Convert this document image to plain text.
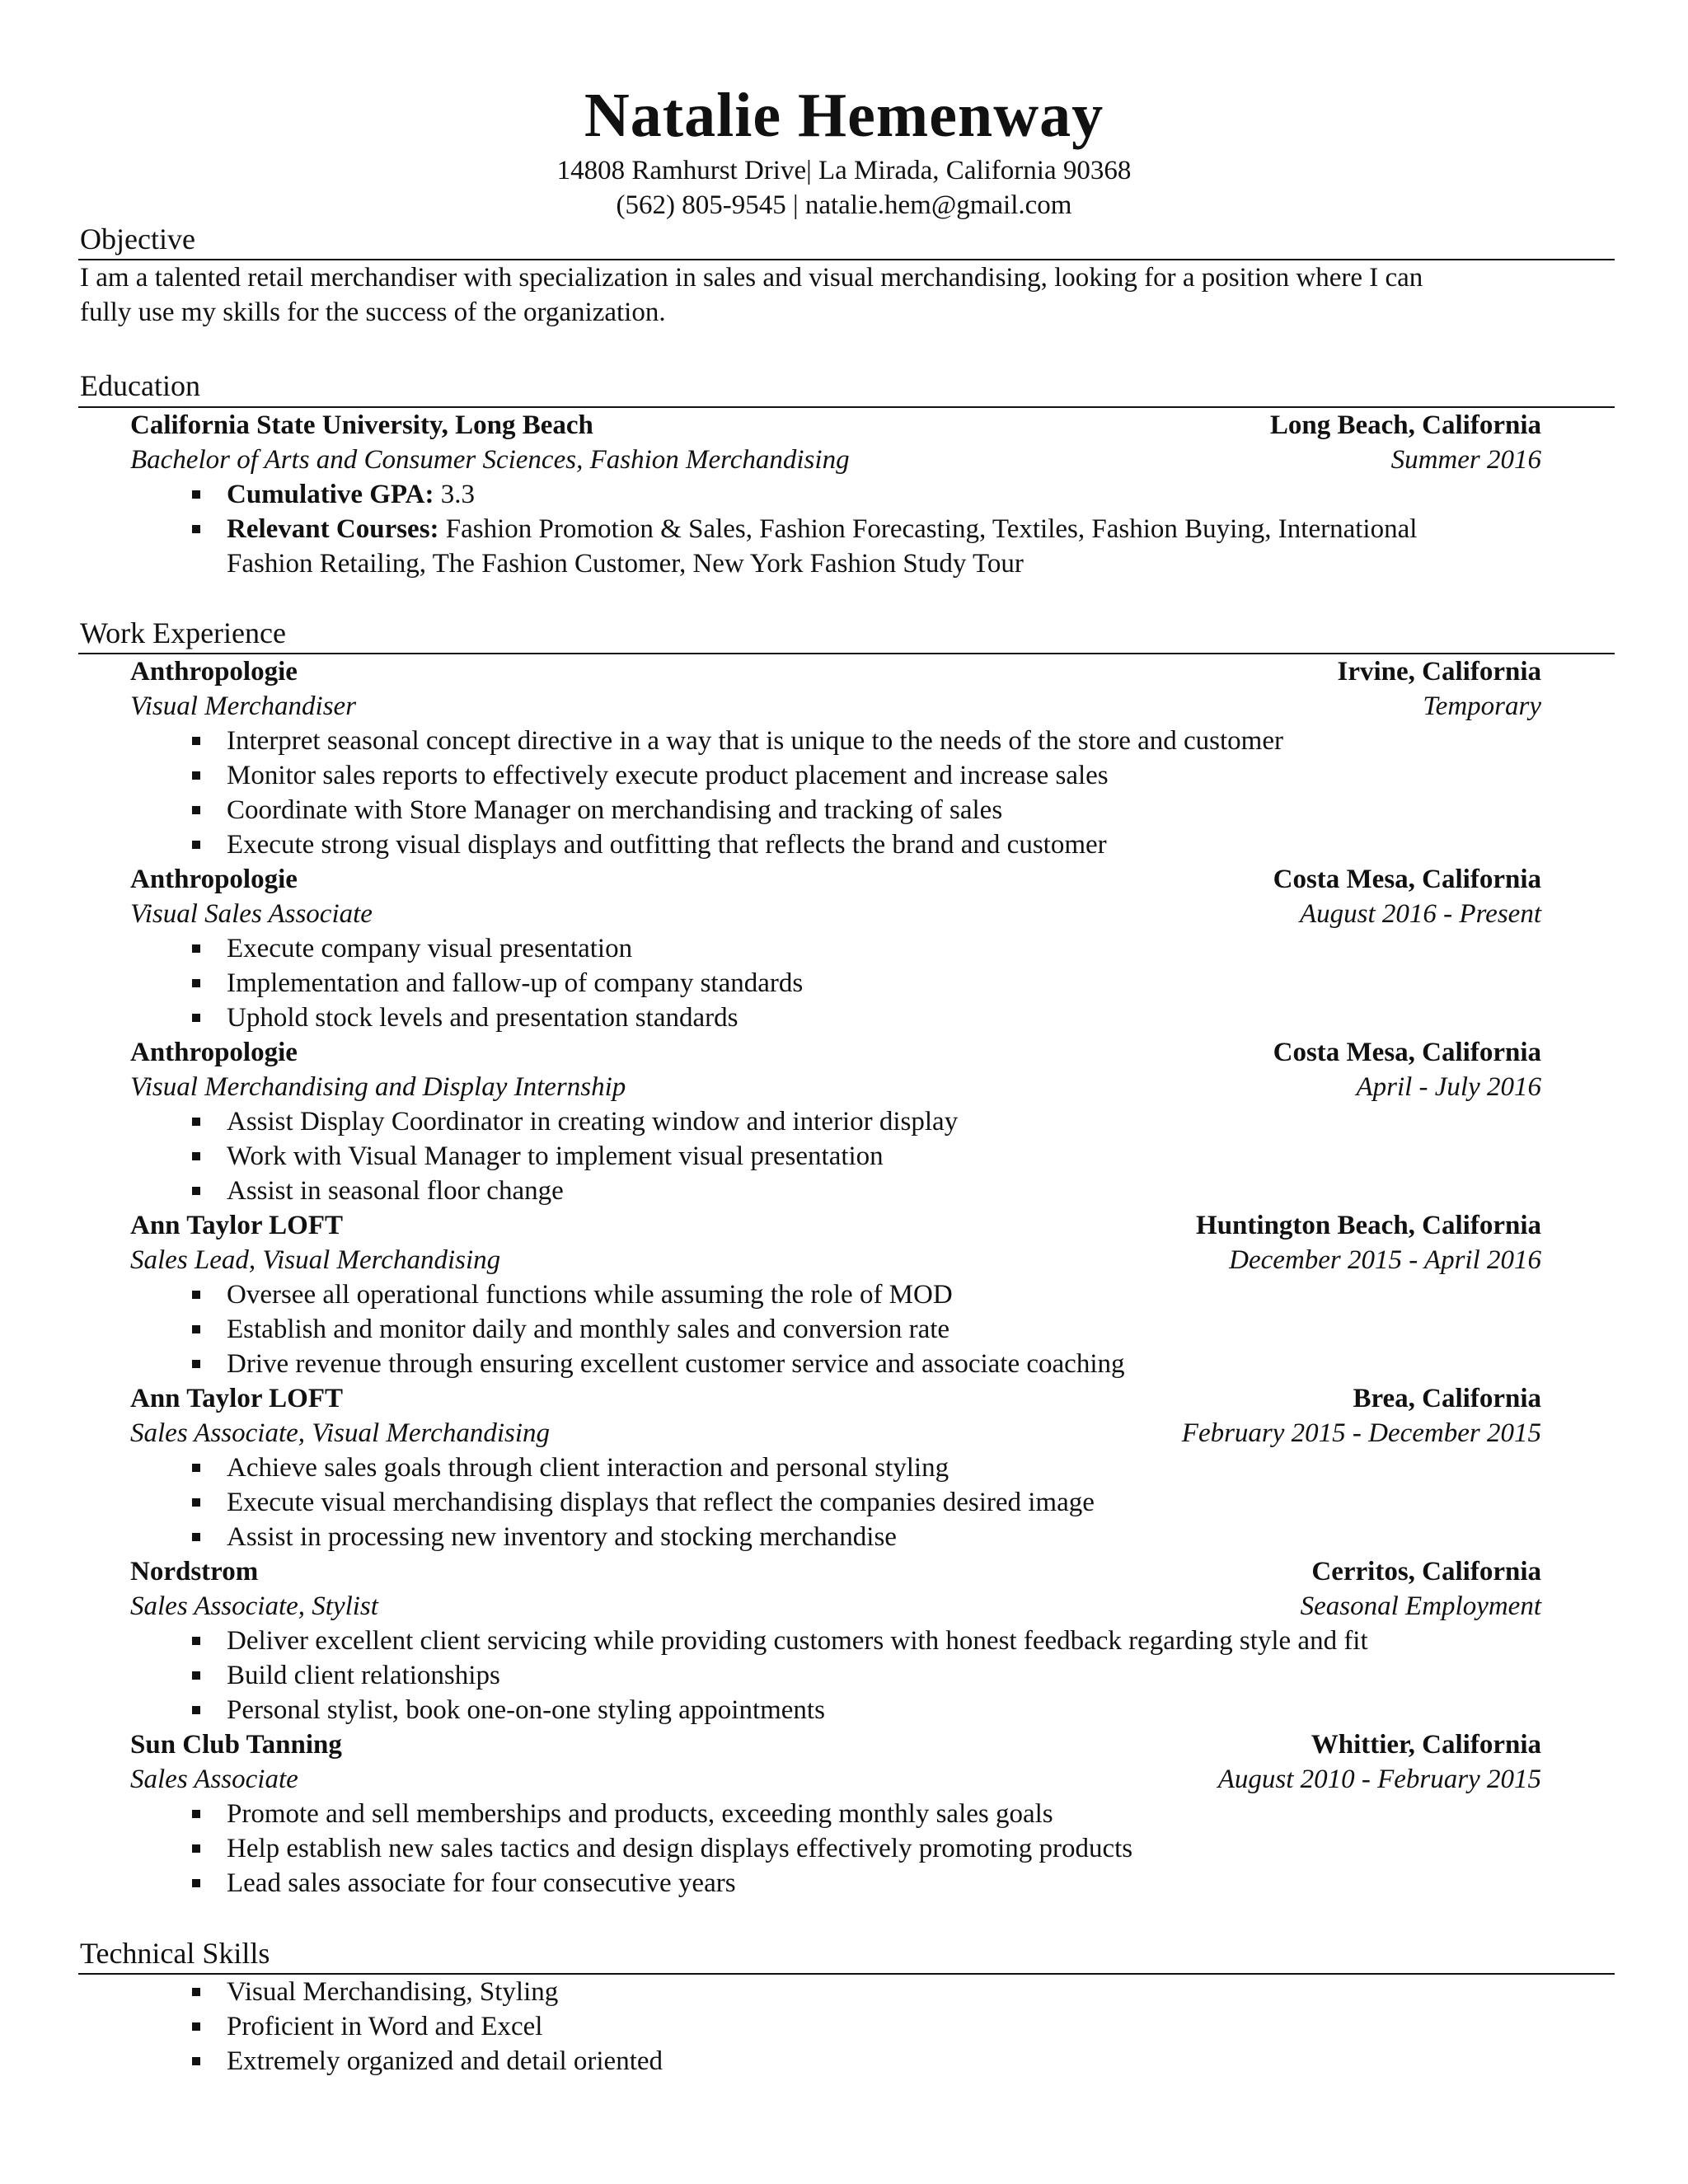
Natalie Hemenway
14808 Ramhurst Drive| La Mirada, California 90368
(562) 805-9545 | natalie.hem@gmail.com
Objective
I am a talented retail merchandiser with specialization in sales and visual merchandising, looking for a position where I can
fully use my skills for the success of the organization.
Education
California State University, Long Beach	Long Beach, California
Bachelor of Arts and Consumer Sciences, Fashion Merchandising	Summer 2016
Cumulative GPA: 3.3
Relevant Courses: Fashion Promotion & Sales, Fashion Forecasting, Textiles, Fashion Buying, International
Fashion Retailing, The Fashion Customer, New York Fashion Study Tour
Work Experience
Anthropologie	Irvine, California
Visual Merchandiser	Temporary
Interpret seasonal concept directive in a way that is unique to the needs of the store and customer
Monitor sales reports to effectively execute product placement and increase sales
Coordinate with Store Manager on merchandising and tracking of sales
Execute strong visual displays and outfitting that reflects the brand and customer
Anthropologie	Costa Mesa, California
Visual Sales Associate	August 2016 - Present
Execute company visual presentation
Implementation and fallow-up of company standards
Uphold stock levels and presentation standards
Anthropologie	Costa Mesa, California
Visual Merchandising and Display Internship	April - July 2016
Assist Display Coordinator in creating window and interior display
Work with Visual Manager to implement visual presentation
Assist in seasonal floor change
Ann Taylor LOFT	Huntington Beach, California
Sales Lead, Visual Merchandising	December 2015 - April 2016
Oversee all operational functions while assuming the role of MOD
Establish and monitor daily and monthly sales and conversion rate
Drive revenue through ensuring excellent customer service and associate coaching
Ann Taylor LOFT	Brea, California
Sales Associate, Visual Merchandising	February 2015 - December 2015
Achieve sales goals through client interaction and personal styling
Execute visual merchandising displays that reflect the companies desired image
Assist in processing new inventory and stocking merchandise
Nordstrom	Cerritos, California
Sales Associate, Stylist	Seasonal Employment
Deliver excellent client servicing while providing customers with honest feedback regarding style and fit
Build client relationships
Personal stylist, book one-on-one styling appointments
Sun Club Tanning	Whittier, California
Sales Associate	August 2010 - February 2015
Promote and sell memberships and products, exceeding monthly sales goals
Help establish new sales tactics and design displays effectively promoting products
Lead sales associate for four consecutive years
Technical Skills
Visual Merchandising, Styling
Proficient in Word and Excel
Extremely organized and detail oriented
